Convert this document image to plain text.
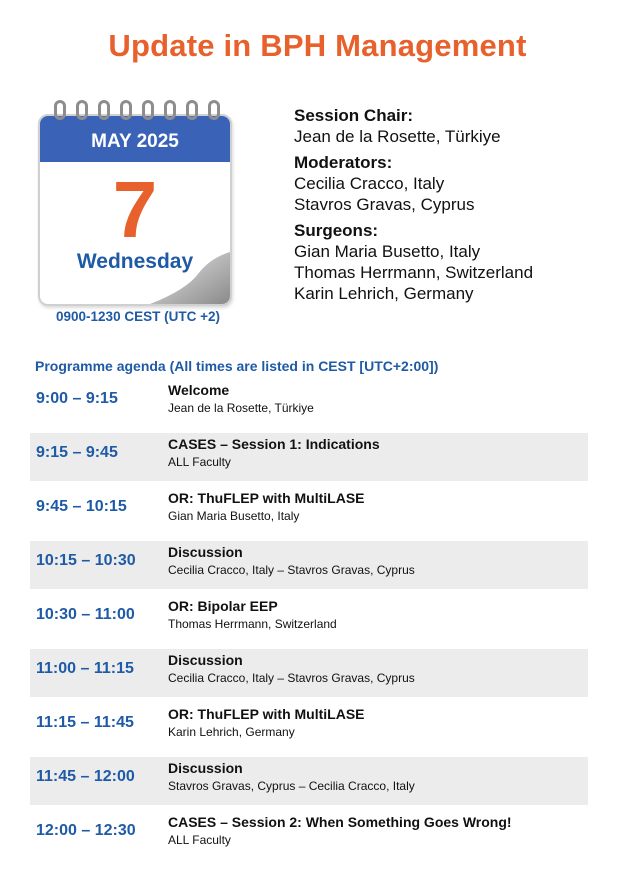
Update in BPH Management
MAY 2025
7
Wednesday
0900-1230 CEST (UTC +2)
Session Chair:
Jean de la Rosette, Türkiye
Moderators:
Cecilia Cracco, Italy
Stavros Gravas, Cyprus
Surgeons:
Gian Maria Busetto, Italy
Thomas Herrmann, Switzerland
Karin Lehrich, Germany
Programme agenda (All times are listed in CEST [UTC+2:00])
9:00 – 9:15	Welcome
Jean de la Rosette, Türkiye
9:15 – 9:45	CASES – Session 1: Indications
ALL Faculty
9:45 – 10:15	OR: ThuFLEP with MultiLASE
Gian Maria Busetto, Italy
10:15 – 10:30 Discussion
Cecilia Cracco, Italy – Stavros Gravas, Cyprus
10:30 – 11:00 OR: Bipolar EEP
Thomas Herrmann, Switzerland
11:00 – 11:15 Discussion
Cecilia Cracco, Italy – Stavros Gravas, Cyprus
11:15 – 11:45 OR: ThuFLEP with MultiLASE
Karin Lehrich, Germany
11:45 – 12:00 Discussion
Stavros Gravas, Cyprus – Cecilia Cracco, Italy
12:00 – 12:30 CASES – Session 2: When Something Goes Wrong!
ALL Faculty
